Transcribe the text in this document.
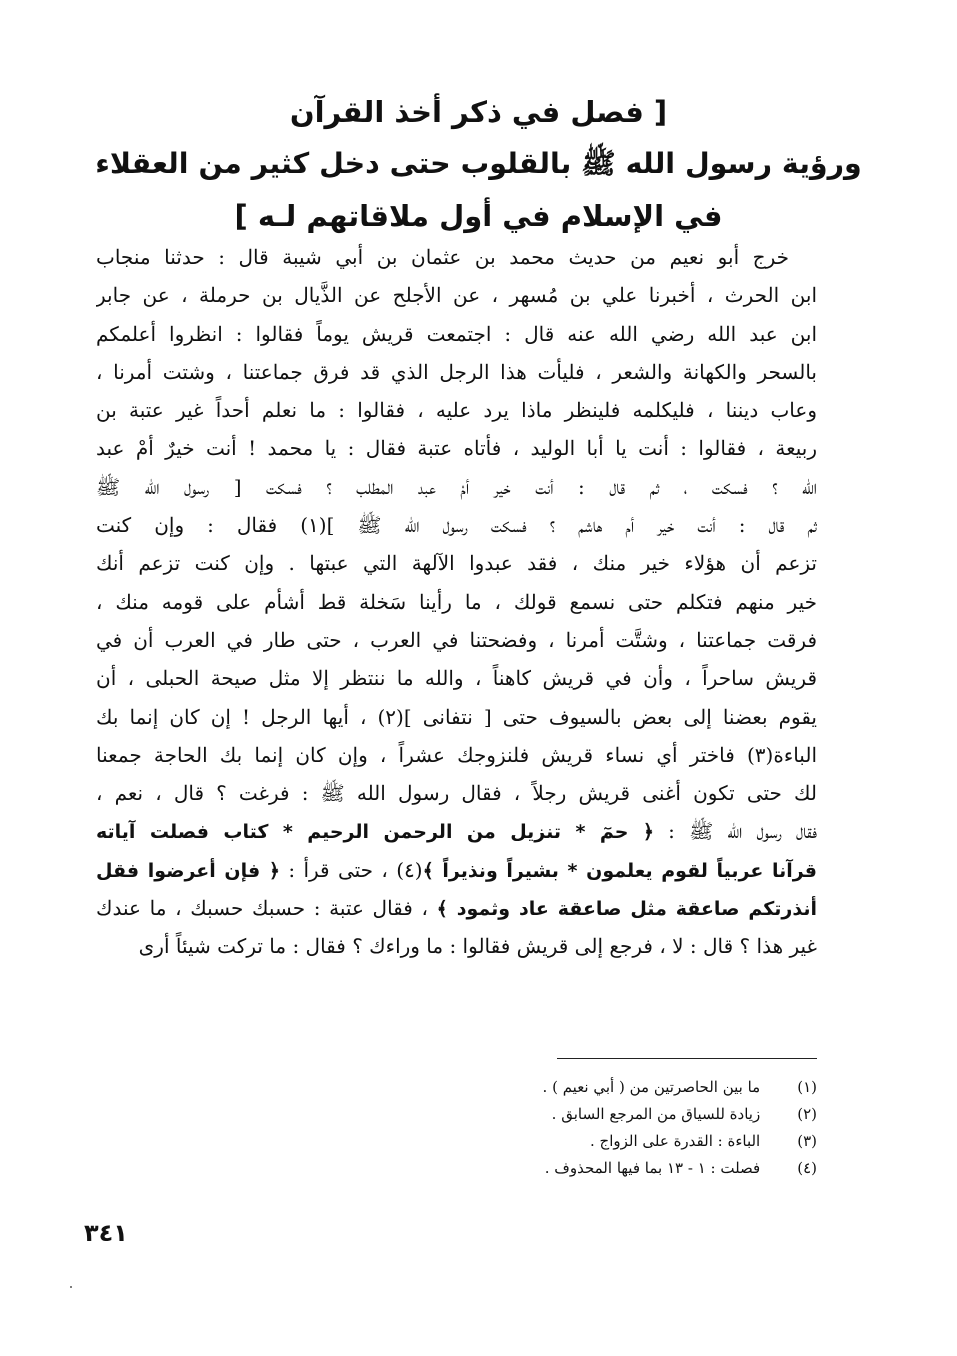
[ فصل في ذكر أخذ القرآن
ورؤية رسول الله ﷺ بالقلوب حتى دخل كثير من العقلاء
في الإسلام في أول ملاقاتهم لـه ]
خرج أبو نعيم من حديث محمد بن عثمان بن أبي شيبة قال : حدثنا منجاب
ابن الحرث ، أخبرنا علي بن مُسهر ، عن الأجلح عن الذَّيال بن حرملة ، عن جابر
ابن عبد الله رضي الله عنه قال : اجتمعت قريش يوماً فقالوا : انظروا أعلمكم
بالسحر والكهانة والشعر ، فليأت هذا الرجل الذي قد فرق جماعتنا ، وشتت أمرنا ،
وعاب ديننا ، فليكلمه فلينظر ماذا يرد عليه ، فقالوا : ما نعلم أحداً غير عتبة بن
ربيعة ، فقالوا : أنت يا أبا الوليد ، فأتاه عتبة فقال : يا محمد ! أنت خيرٌ أمْ عبد
الله ؟ فسكت ، ثم قال : أنت خير أمْ عبد المطلب ؟ فسكت [ رسول الله ﷺ
ثم قال : أنت خير أم هاشم ؟ فسكت رسول الله ﷺ ](١) فقال : وإن كنت
تزعم أن هؤلاء خير منك ، فقد عبدوا الآلهة التي عبتها . وإن كنت تزعم أنك
خير منهم فتكلم حتى نسمع قولك ، ما رأينا سَخلة قط أشأم على قومه منك ،
فرقت جماعتنا ، وشتَّت أمرنا ، وفضحتنا في العرب ، حتى طار في العرب أن في
قريش ساحراً ، وأن في قريش كاهناً ، والله ما ننتظر إلا مثل صيحة الحبلى ، أن
يقوم بعضنا إلى بعض بالسيوف حتى [ نتفانى ](٢) ، أيها الرجل ! إن كان إنما بك
الباءة(٣) فاختر أي نساء قريش فلنزوجك عشراً ، وإن كان إنما بك الحاجة جمعنا
لك حتى تكون أغنى قريش رجلاً ، فقال رسول الله ﷺ : فرغت ؟ قال ، نعم ،
فقال رسول الله ﷺ : ﴿ حمٓ * تنزيل من الرحمن الرحيم * كتاب فصلت آياته
قرآنا عربياً لقوم يعلمون * بشيراً ونذيراً ﴾(٤) ، حتى قرأ : ﴿ فإن أعرضوا فقل
أنذرتكم صاعقة مثل صاعقة عاد وثمود ﴾ ، فقال عتبة : حسبك حسبك ، ما عندك
غير هذا ؟ قال : لا ، فرجع إلى قريش فقالوا : ما وراءك ؟ فقال : ما تركت شيئاً أرى
(١) ما بين الحاصرتين من ( أبي نعيم ) .
(٢) زيادة للسياق من المرجع السابق .
(٣) الباءة : القدرة على الزواج .
(٤) فصلت : ١ - ١٣ بما فيها المحذوف .
٣٤١
